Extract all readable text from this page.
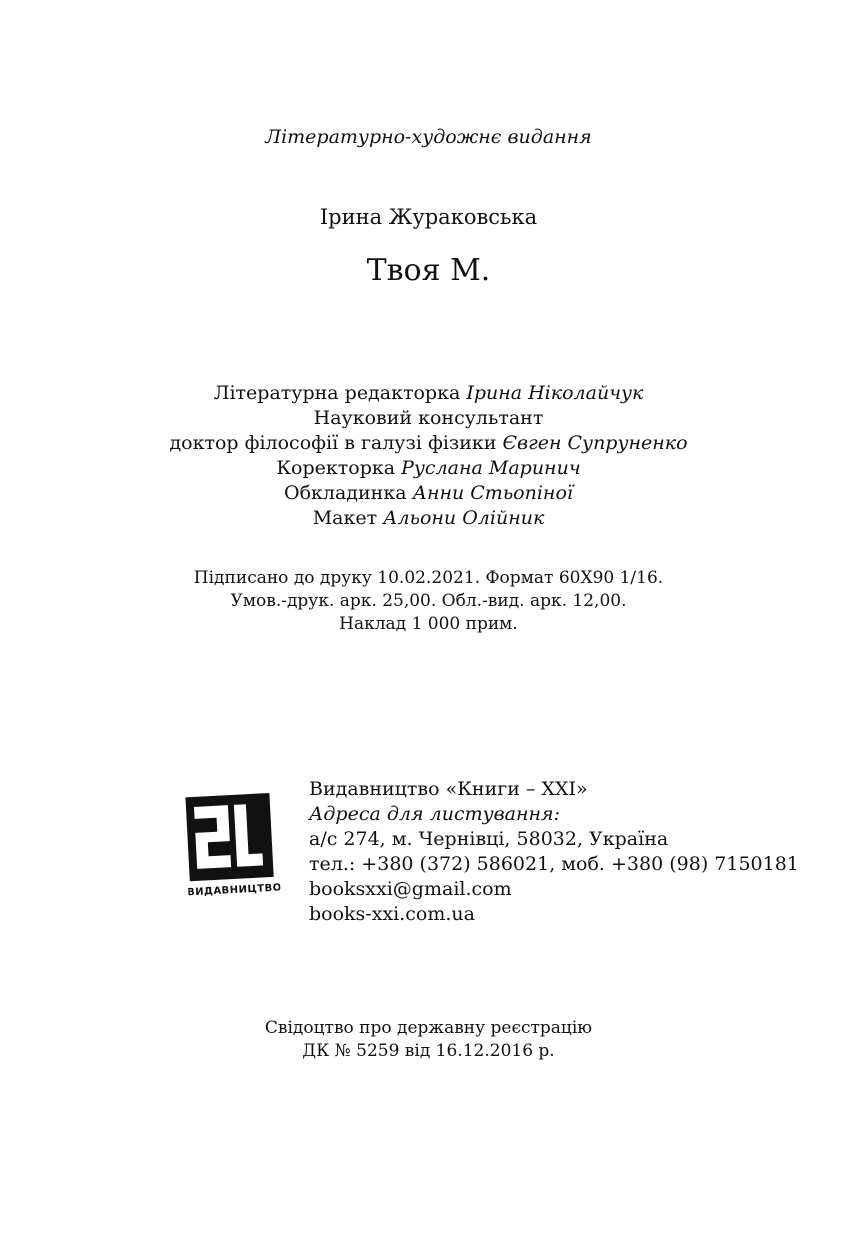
Літературно-художнє видання
Ірина Жураковська
Твоя М.
Літературна редакторка Ірина Ніколайчук
Науковий консультант
доктор філософії в галузі фізики Євген Супруненко
Коректорка Руслана Маринич
Обкладинка Анни Стьопіної
Макет Альони Олійник
Підписано до друку 10.02.2021. Формат 60Х90 1/16.
Умов.-друк. арк. 25,00. Обл.-вид. арк. 12,00.
Наклад 1 000 прим.
ВИДАВНИЦТВО
Видавництво «Книги – XXI»
Адреса для листування:
а/с 274, м. Чернівці, 58032, Україна
тел.: +380 (372) 586021, моб. +380 (98) 7150181
booksxxi@gmail.com
books-xxi.com.ua
Свідоцтво про державну реєстрацію
ДК № 5259 від 16.12.2016 р.
